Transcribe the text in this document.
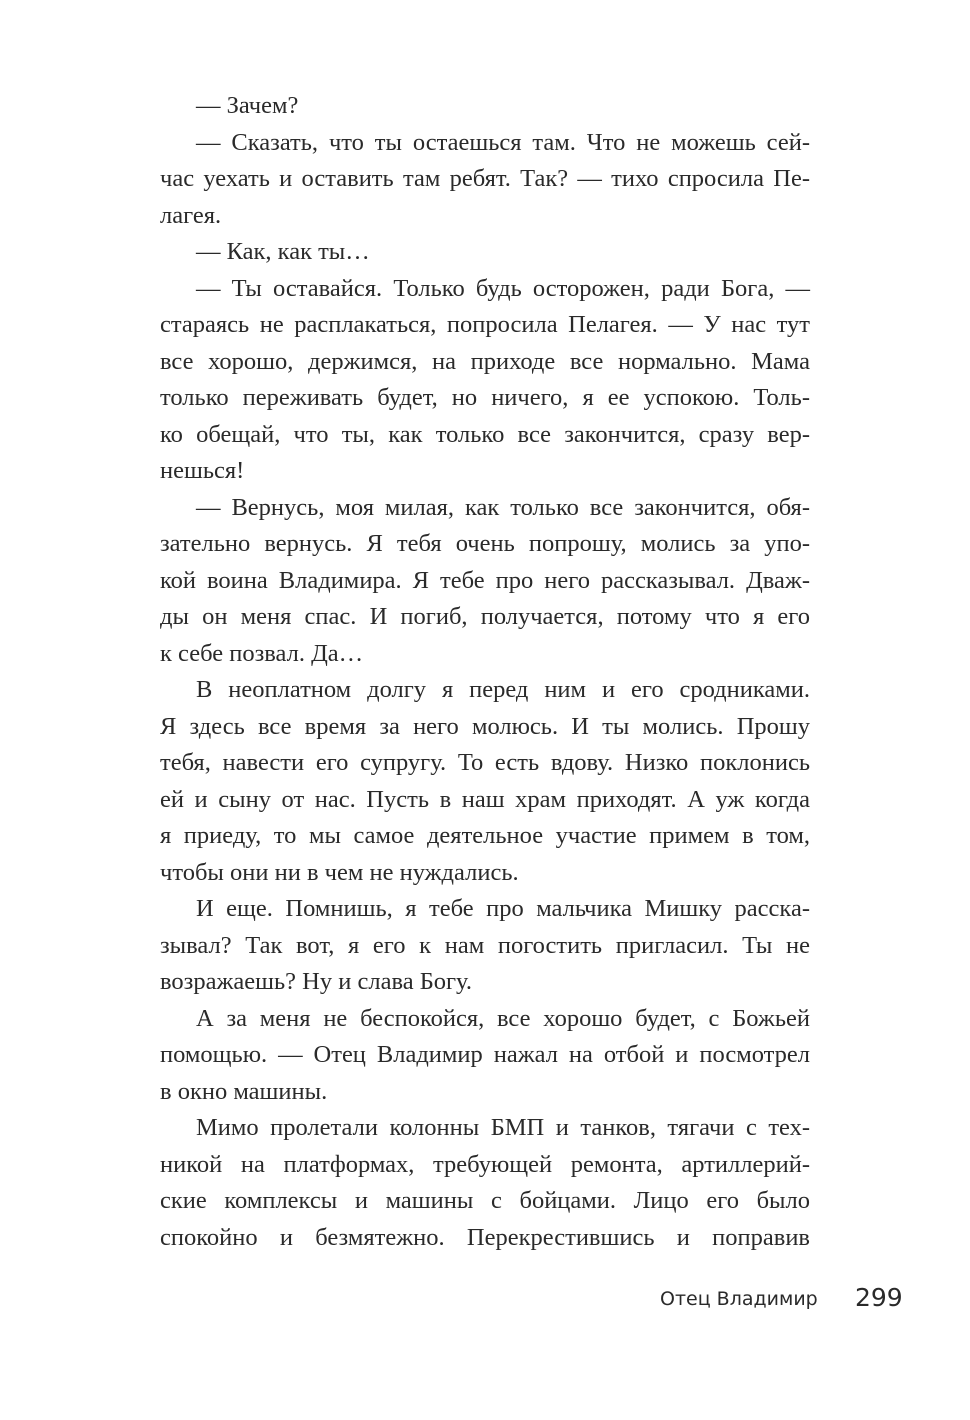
— Зачем?
— Сказать, что ты остаешься там. Что не можешь сей-
час уехать и оставить там ребят. Так? — тихо спросила Пе-
лагея.
— Как, как ты…
— Ты оставайся. Только будь осторожен, ради Бога, —
стараясь не расплакаться, попросила Пелагея. — У нас тут
все хорошо, держимся, на приходе все нормально. Мама
только переживать будет, но ничего, я ее успокою. Толь-
ко обещай, что ты, как только все закончится, сразу вер-
нешься!
— Вернусь, моя милая, как только все закончится, обя-
зательно вернусь. Я тебя очень попрошу, молись за упо-
кой воина Владимира. Я тебе про него рассказывал. Дваж-
ды он меня спас. И погиб, получается, потому что я его
к себе позвал. Да…
В неоплатном долгу я перед ним и его сродниками.
Я здесь все время за него молюсь. И ты молись. Прошу
тебя, навести его супругу. То есть вдову. Низко поклонись
ей и сыну от нас. Пусть в наш храм приходят. А уж когда
я приеду, то мы самое деятельное участие примем в том,
чтобы они ни в чем не нуждались.
И еще. Помнишь, я тебе про мальчика Мишку расска-
зывал? Так вот, я его к нам погостить пригласил. Ты не
возражаешь? Ну и слава Богу.
А за меня не беспокойся, все хорошо будет, с Божьей
помощью. — Отец Владимир нажал на отбой и посмотрел
в окно машины.
Мимо пролетали колонны БМП и танков, тягачи с тех-
никой на платформах, требующей ремонта, артиллерий-
ские комплексы и машины с бойцами. Лицо его было
спокойно и безмятежно. Перекрестившись и поправив
Отец Владимир 299
